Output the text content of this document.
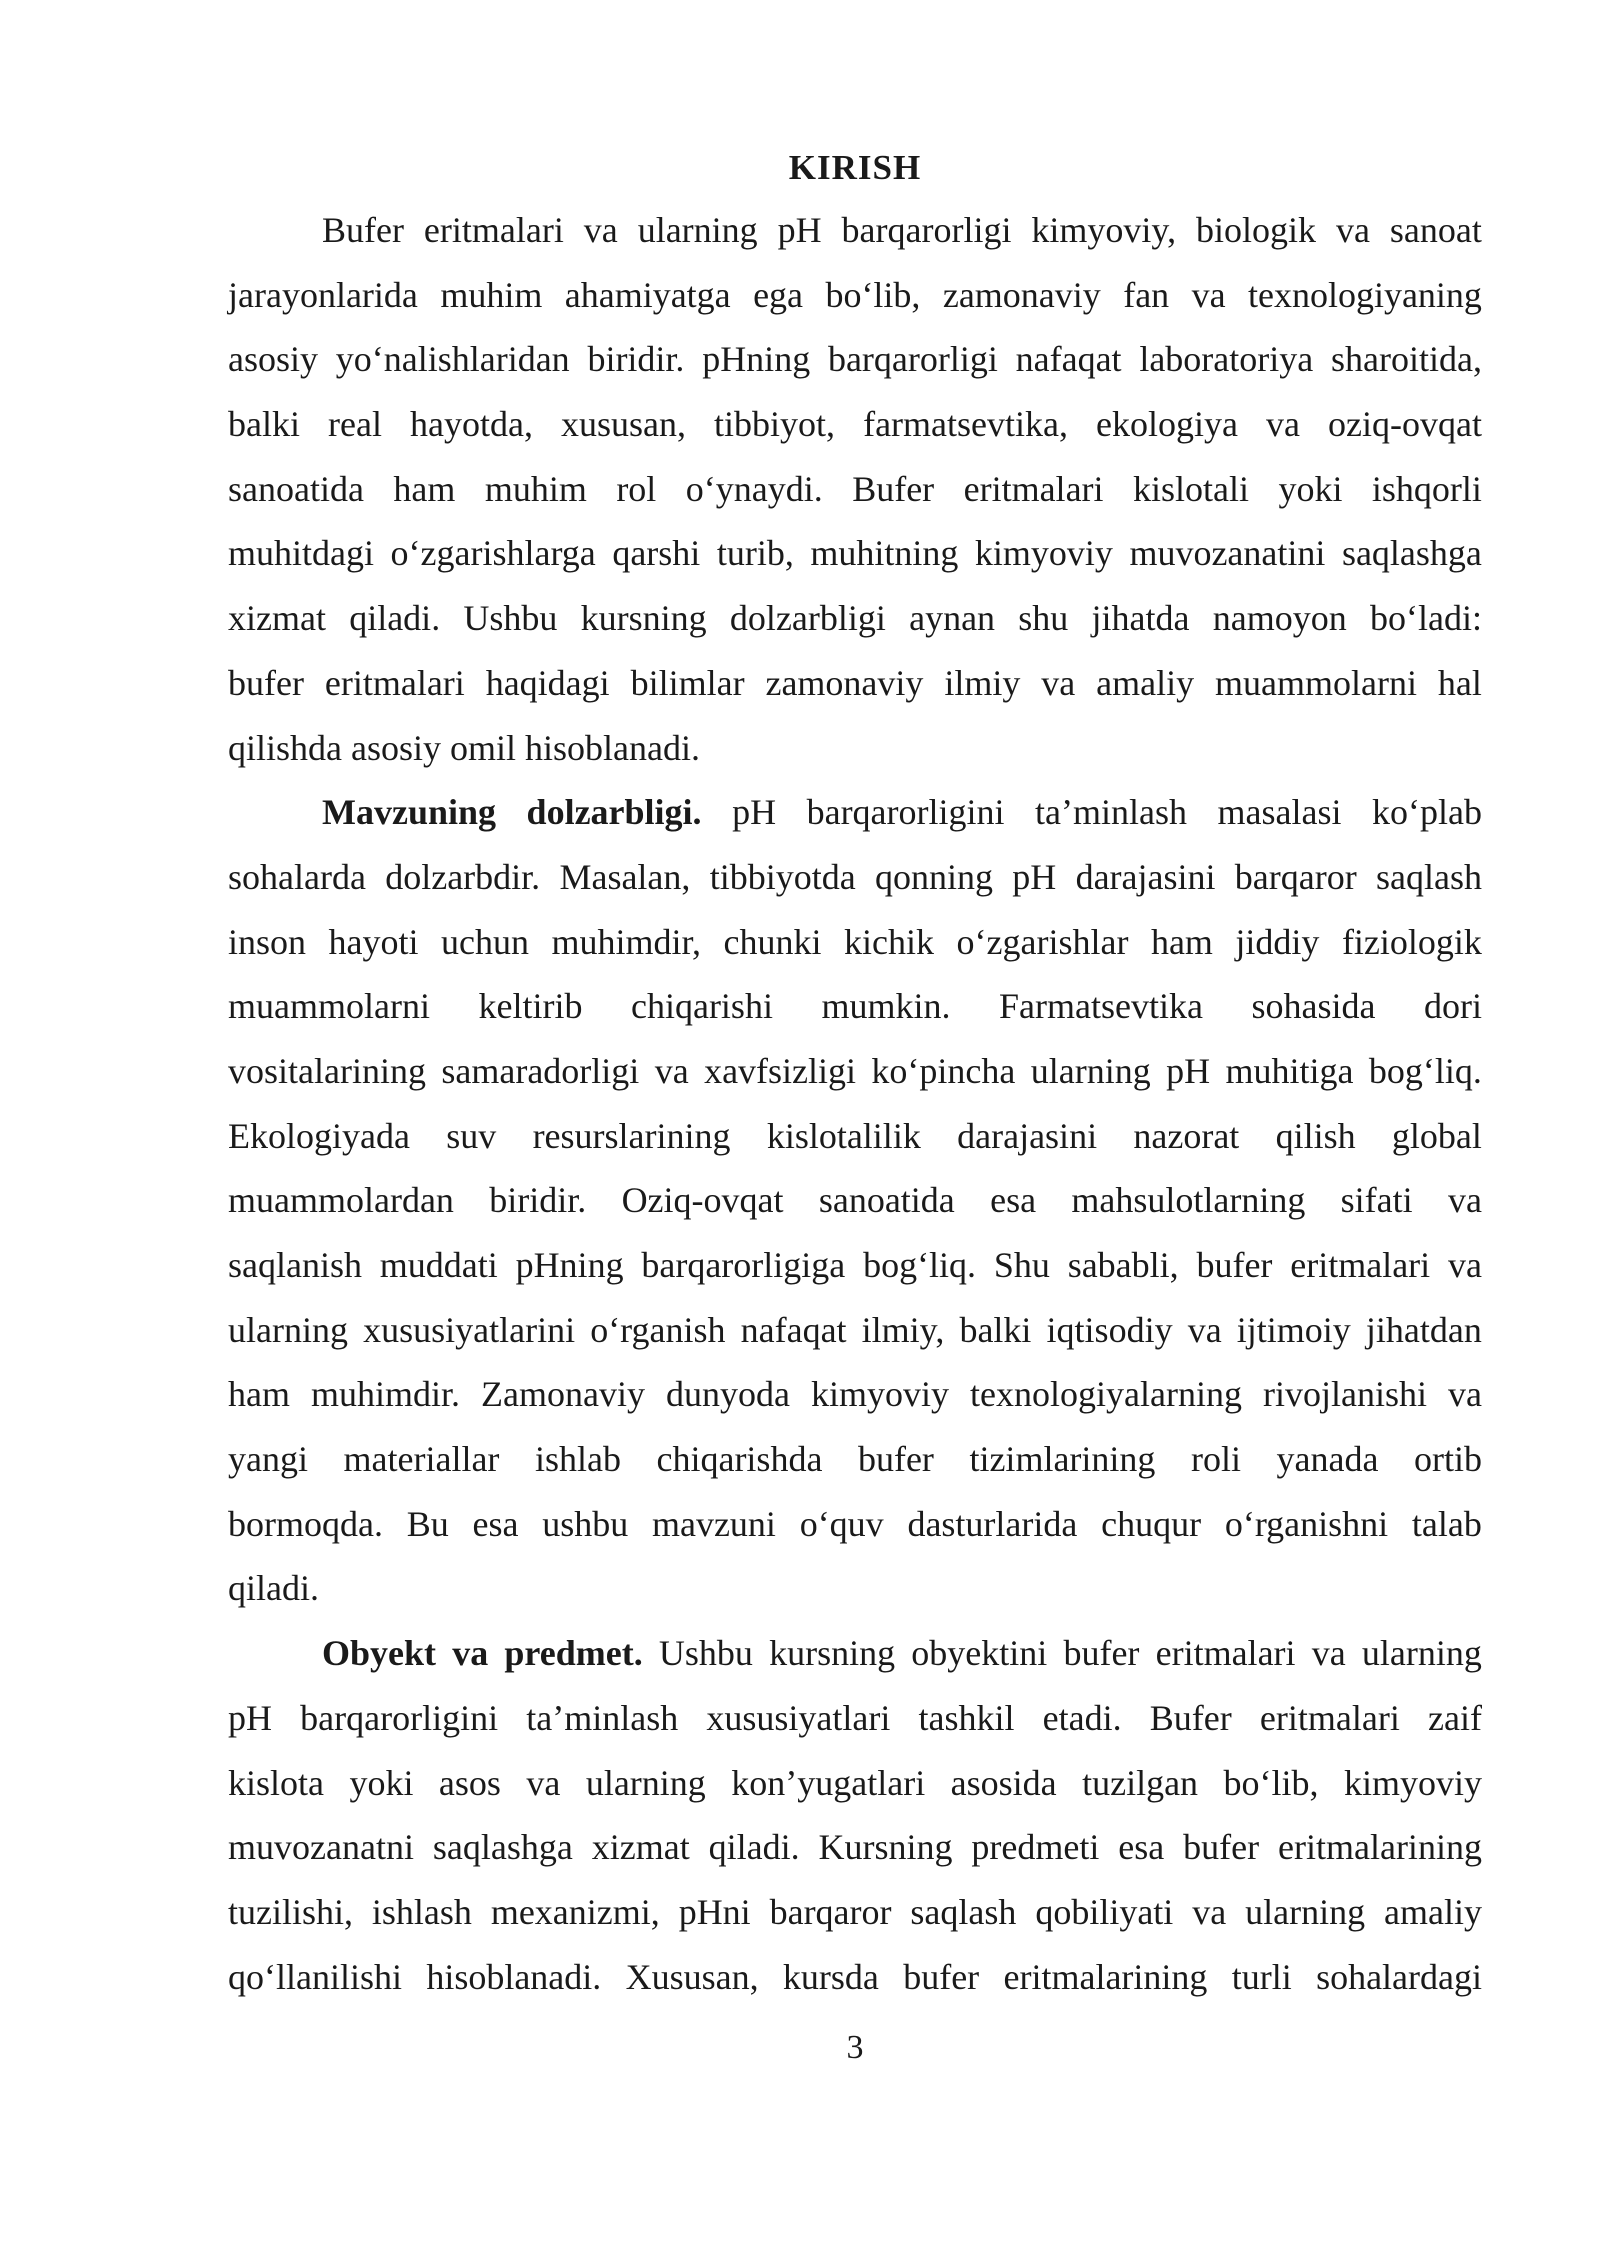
KIRISH
Bufer eritmalari va ularning pH barqarorligi kimyoviy, biologik va sanoat
jarayonlarida muhim ahamiyatga ega boʻlib, zamonaviy fan va texnologiyaning
asosiy yoʻnalishlaridan biridir. pHning barqarorligi nafaqat laboratoriya sharoitida,
balki real hayotda, xususan, tibbiyot, farmatsevtika, ekologiya va oziq-ovqat
sanoatida ham muhim rol oʻynaydi. Bufer eritmalari kislotali yoki ishqorli
muhitdagi oʻzgarishlarga qarshi turib, muhitning kimyoviy muvozanatini saqlashga
xizmat qiladi. Ushbu kursning dolzarbligi aynan shu jihatda namoyon boʻladi:
bufer eritmalari haqidagi bilimlar zamonaviy ilmiy va amaliy muammolarni hal
qilishda asosiy omil hisoblanadi.
Mavzuning dolzarbligi. pH barqarorligini taʼminlash masalasi koʻplab
sohalarda dolzarbdir. Masalan, tibbiyotda qonning pH darajasini barqaror saqlash
inson hayoti uchun muhimdir, chunki kichik oʻzgarishlar ham jiddiy fiziologik
muammolarni keltirib chiqarishi mumkin. Farmatsevtika sohasida dori
vositalarining samaradorligi va xavfsizligi koʻpincha ularning pH muhitiga bogʻliq.
Ekologiyada suv resurslarining kislotalilik darajasini nazorat qilish global
muammolardan biridir. Oziq-ovqat sanoatida esa mahsulotlarning sifati va
saqlanish muddati pHning barqarorligiga bogʻliq. Shu sababli, bufer eritmalari va
ularning xususiyatlarini oʻrganish nafaqat ilmiy, balki iqtisodiy va ijtimoiy jihatdan
ham muhimdir. Zamonaviy dunyoda kimyoviy texnologiyalarning rivojlanishi va
yangi materiallar ishlab chiqarishda bufer tizimlarining roli yanada ortib
bormoqda. Bu esa ushbu mavzuni oʻquv dasturlarida chuqur oʻrganishni talab
qiladi.
Obyekt va predmet. Ushbu kursning obyektini bufer eritmalari va ularning
pH barqarorligini taʼminlash xususiyatlari tashkil etadi. Bufer eritmalari zaif
kislota yoki asos va ularning konʼyugatlari asosida tuzilgan boʻlib, kimyoviy
muvozanatni saqlashga xizmat qiladi. Kursning predmeti esa bufer eritmalarining
tuzilishi, ishlash mexanizmi, pHni barqaror saqlash qobiliyati va ularning amaliy
qoʻllanilishi hisoblanadi. Xususan, kursda bufer eritmalarining turli sohalardagi
3
